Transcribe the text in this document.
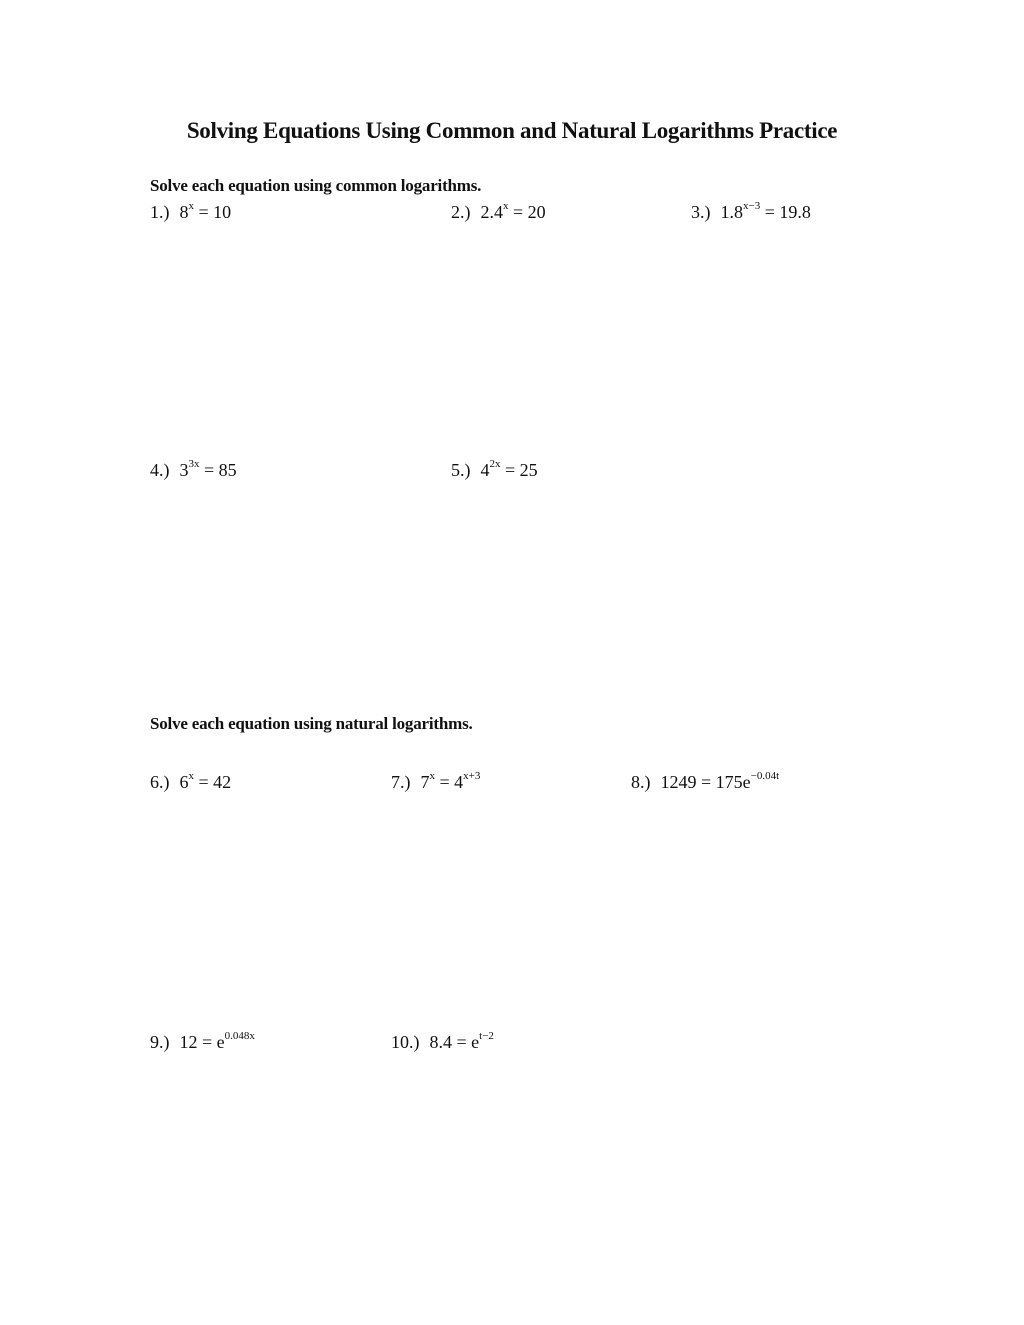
Solving Equations Using Common and Natural Logarithms Practice
Solve each equation using common logarithms.
1.) $8^x = 10$	2.) $2.4^x = 20$	3.) $1.8^{x-3} = 19.8$
4.) $3^{3x} = 85$	5.) $4^{2x} = 25$
Solve each equation using natural logarithms.
6.) $6^x = 42$	7.) $7^x = 4^{x+3}$	8.) $1249 = 175e^{-0.04t}$
9.) $12 = e^{0.048x}$	10.) $8.4 = e^{t-2}$
